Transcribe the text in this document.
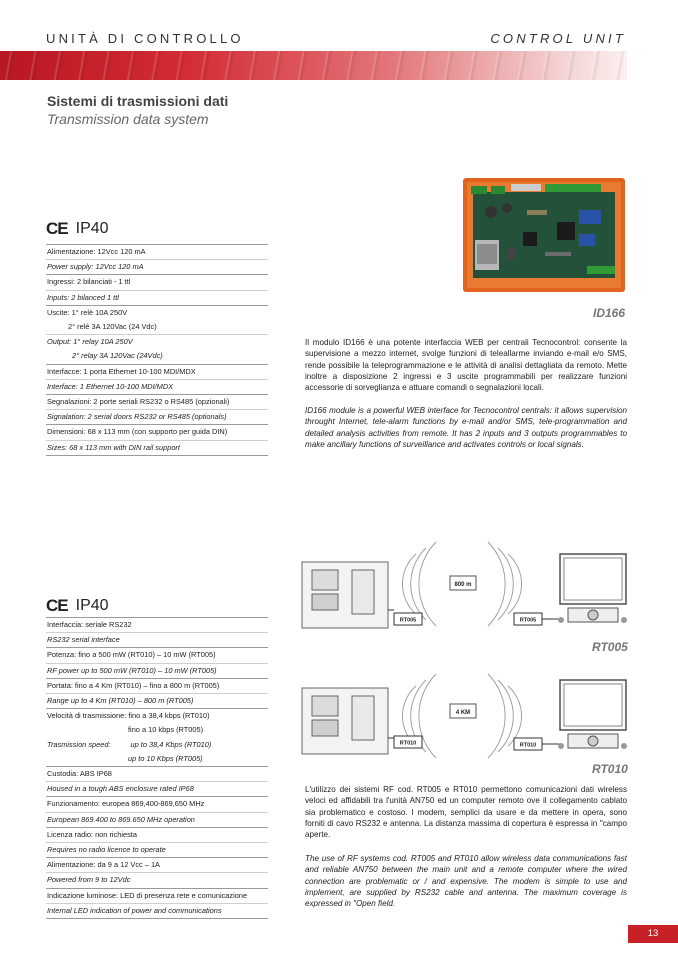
UNITÀ DI CONTROLLO	CONTROL UNIT
Sistemi di trasmissioni dati
Transmission data system
CE IP40
Alimentazione: 12Vcc 120 mA
Power supply: 12Vcc 120 mA
Ingressi: 2 bilanciati - 1 ttl
Inputs: 2 bilanced 1 ttl
Uscite: 1° relè 10A 250V
2° relè 3A 120Vac (24 Vdc)
Output: 1° relay 10A 250V
2° relay 3A 120Vac (24Vdc)
Interfacce: 1 porta Ethernet 10-100 MDI/MDX
Interface: 1 Ethernet 10-100 MDI/MDX
Segnalazioni: 2 porte seriali RS232 o RS485 (opzionali)
Signalation: 2 serial doors RS232 or RS485 (optionals)
Dimensioni: 68 x 113 mm (con supporto per guida DIN)
Sizes: 68 x 113 mm with DIN rail support
ID166
Il modulo ID166 è una potente interfaccia WEB per centrali Tecnocontrol: consente la supervisione a mezzo internet, svolge funzioni di teleallarme inviando e-mail e/o SMS, rende possibile la teleprogrammazione e le attività di analisi dettagliata da remoto. Mette inoltre a disposizione 2 ingressi e 3 uscite programmabili per realizzare funzioni accessorie di sorveglianza e attuare comandi o segnalazioni locali.
ID166 module is a powerful WEB interface for Tecnocontrol centrals: it allows supervision throught Internet, tele-alarm functions by e-mail and/or SMS, tele-programmation and detailed analysis activities from remote. It has 2 inputs and 3 outputs programmables to make ancillary functions of surveillance and activates controls or local signals.
CE IP40
Interfaccia: seriale RS232
RS232 serial interface
Potenza: fino a 500 mW (RT010) – 10 mW (RT005)
RF power up to 500 mW (RT010) – 10 mW (RT005)
Portata: fino a 4 Km (RT010) – fino a 800 m (RT005)
Range up to 4 Km (RT010) – 800 m (RT005)
Velocità di trasmissione: fino a 38,4 kbps (RT010)
fino a 10 kbps (RT005)
Trasmission speed:	up to 38,4 Kbps (RT010)
up to 10 Kbps (RT005)
Custodia: ABS IP68
Housed in a tough ABS enclosure rated IP68
Funzionamento: europea 869,400-869,650 MHz
European 869.400 to 869.650 MHz operation
Licenza radio: non richiesta
Requires no radio licence to operate
Alimentazione: da 9 a 12 Vcc – 1A
Powered from 9 to 12Vdc
Indicazione luminose: LED di presenza rete e comunicazione
Internal LED indication of power and communications
RT005
800 m
RT005
RT005
RT010
4 KM
RT010
RT010
L'utilizzo dei sistemi RF cod. RT005 e RT010 permettono comunicazioni dati wireless veloci ed affidabili tra l'unità AN750 ed un computer remoto ove il collegamento cablato sia problematico e costoso. I modem, semplici da usare e da mettere in opera, sono forniti di cavo RS232 e antenna. La distanza massima di copertura è espressa in "campo aperte.
The use of RF systems cod. RT005 and RT010 allow wireless data communications fast and reliable AN750 between the main unit and a remote computer where the wired connection are problematic or / and expensive. The modem is simple to use and implement, are supplied by RS232 cable and antenna. The maximum coverage is expressed in "Open field.
13
